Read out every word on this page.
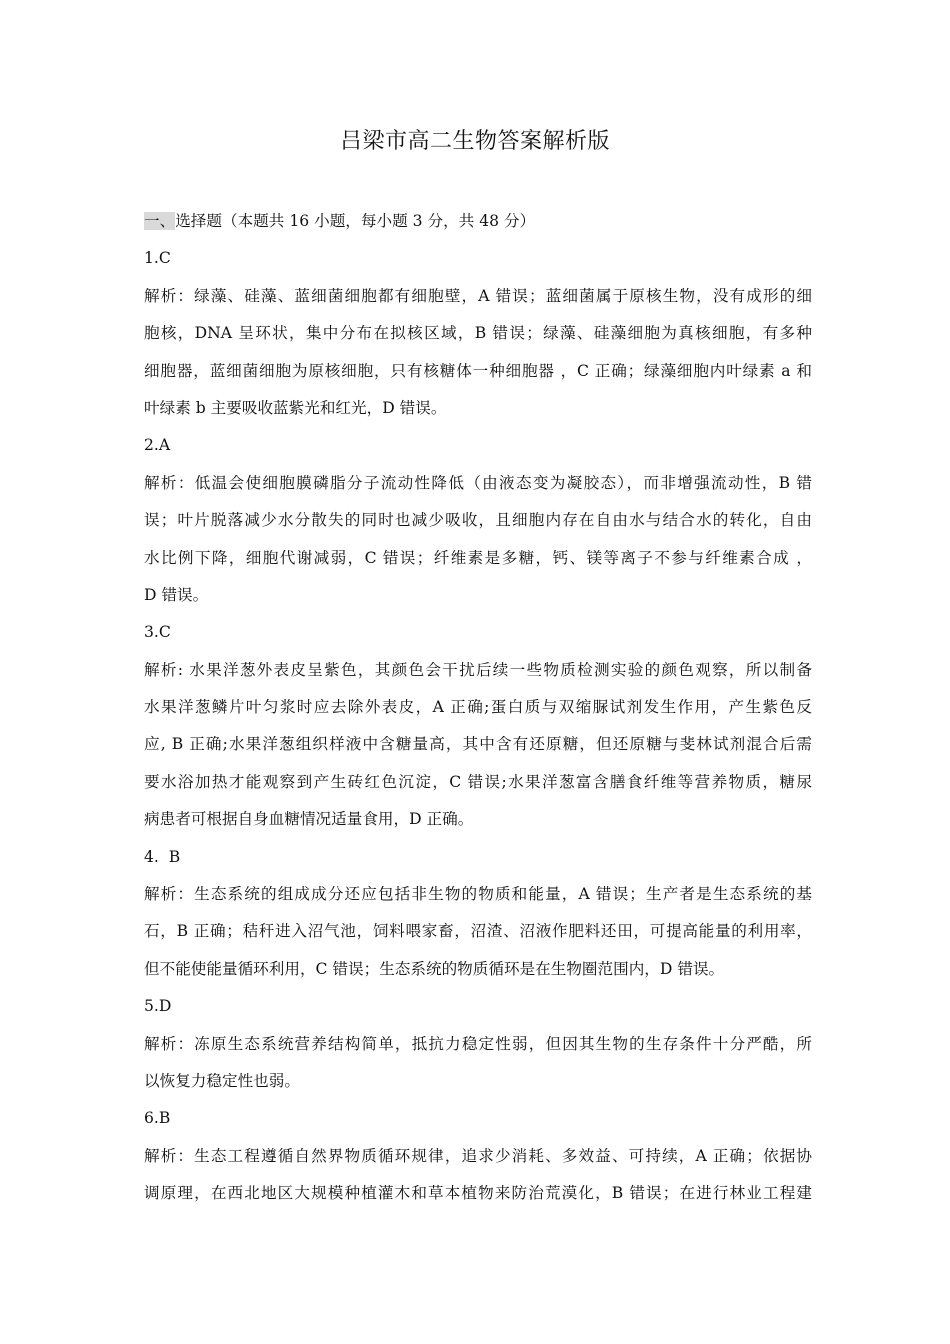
吕梁市高二生物答案解析版
一、选择题（本题共 16 小题，每小题 3 分，共 48 分）
1.C
解析：绿藻、硅藻、蓝细菌细胞都有细胞壁，A 错误；蓝细菌属于原核生物，没有成形的细
胞核，DNA 呈环状，集中分布在拟核区域，B 错误；绿藻、硅藻细胞为真核细胞，有多种
细胞器，蓝细菌细胞为原核细胞，只有核糖体一种细胞器 ，C 正确；绿藻细胞内叶绿素 a 和
叶绿素 b 主要吸收蓝紫光和红光，D 错误。
2.A
解析：低温会使细胞膜磷脂分子流动性降低（由液态变为凝胶态），而非增强流动性，B 错
误；叶片脱落减少水分散失的同时也减少吸收，且细胞内存在自由水与结合水的转化，自由
水比例下降，细胞代谢减弱，C 错误；纤维素是多糖，钙、镁等离子不参与纤维素合成 ，
D 错误。
3.C
解析: 水果洋葱外表皮呈紫色，其颜色会干扰后续一些物质检测实验的颜色观察，所以制备
水果洋葱鳞片叶匀浆时应去除外表皮，A 正确;蛋白质与双缩脲试剂发生作用，产生紫色反
应, B 正确;水果洋葱组织样液中含糖量高，其中含有还原糖，但还原糖与斐林试剂混合后需
要水浴加热才能观察到产生砖红色沉淀，C 错误;水果洋葱富含膳食纤维等营养物质，糖尿
病患者可根据自身血糖情况适量食用，D 正确。
4.  B
解析：生态系统的组成成分还应包括非生物的物质和能量，A 错误；生产者是生态系统的基
石，B 正确；秸秆进入沼气池，饲料喂家畜，沼渣、沼液作肥料还田，可提高能量的利用率，
但不能使能量循环利用，C 错误；生态系统的物质循环是在生物圈范围内，D 错误。
5.D
解析：冻原生态系统营养结构简单，抵抗力稳定性弱，但因其生物的生存条件十分严酷，所
以恢复力稳定性也弱。
6.B
解析：生态工程遵循自然界物质循环规律，追求少消耗、多效益、可持续，A 正确；依据协
调原理，在西北地区大规模种植灌木和草本植物来防治荒漠化，B 错误；在进行林业工程建
